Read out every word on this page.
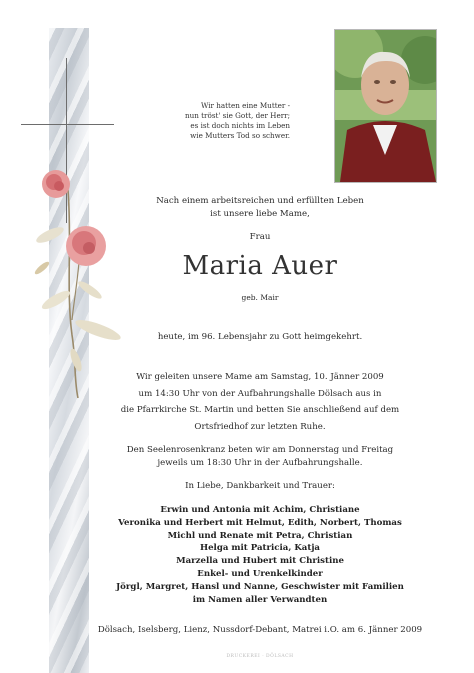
Wir hatten eine Mutter -
nun tröst' sie Gott, der Herr;
es ist doch nichts im Leben
wie Mutters Tod so schwer.
Nach einem arbeitsreichen und erfüllten Leben
ist unsere liebe Mame,
Frau
Maria Auer
geb. Mair
heute, im 96. Lebensjahr zu Gott heimgekehrt.
Wir geleiten unsere Mame am Samstag, 10. Jänner 2009
um 14:30 Uhr von der Aufbahrungshalle Dölsach aus in
die Pfarrkirche St. Martin und betten Sie anschließend auf dem
Ortsfriedhof zur letzten Ruhe.
Den Seelenrosenkranz beten wir am Donnerstag und Freitag
jeweils um 18:30 Uhr in der Aufbahrungshalle.
In Liebe, Dankbarkeit und Trauer:
Erwin und Antonia mit Achim, Christiane
Veronika und Herbert mit Helmut, Edith, Norbert, Thomas
Michl und Renate mit Petra, Christian
Helga mit Patricia, Katja
Marzella und Hubert mit Christine
Enkel- und Urenkelkinder
Jörgl, Margret, Hansl und Nanne, Geschwister mit Familien
im Namen aller Verwandten
Dölsach, Iselsberg, Lienz, Nussdorf-Debant, Matrei i.O. am 6. Jänner 2009
DRUCKEREI · DÖLSACH
